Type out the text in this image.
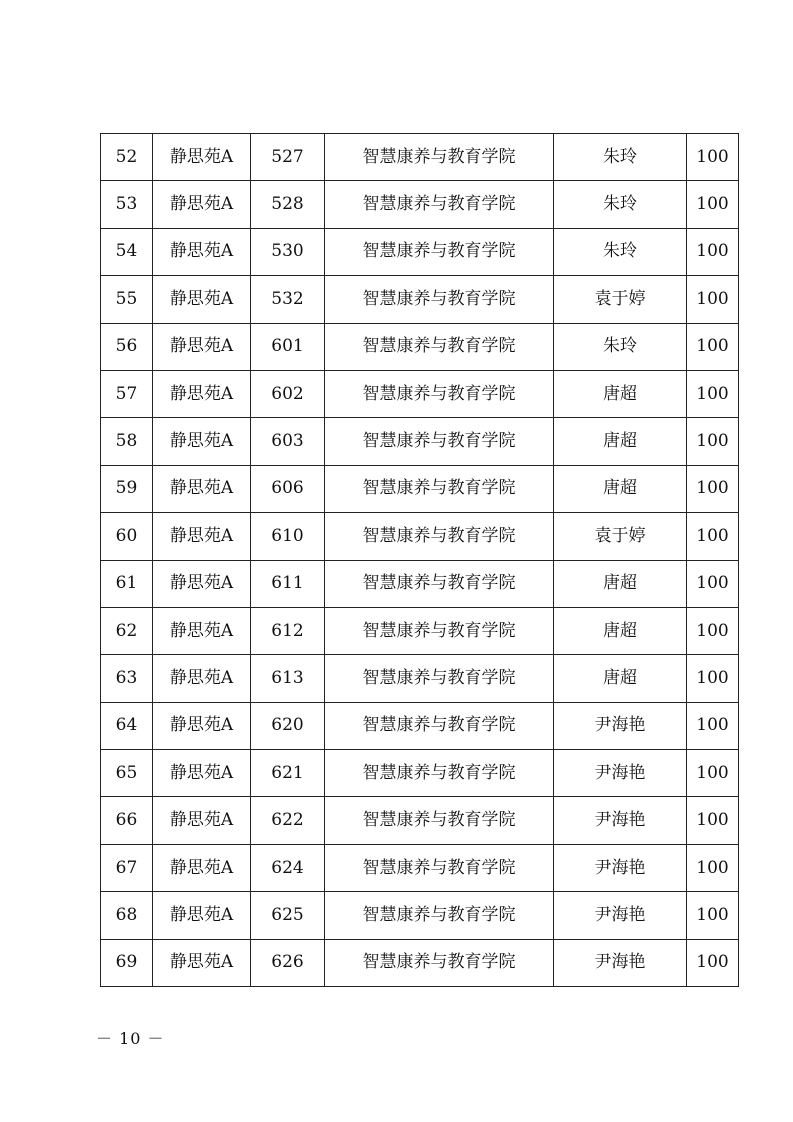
52	静思苑A	527	智慧康养与教育学院	朱玲	100
53	静思苑A	528	智慧康养与教育学院	朱玲	100
54	静思苑A	530	智慧康养与教育学院	朱玲	100
55	静思苑A	532	智慧康养与教育学院	袁于婷	100
56	静思苑A	601	智慧康养与教育学院	朱玲	100
57	静思苑A	602	智慧康养与教育学院	唐超	100
58	静思苑A	603	智慧康养与教育学院	唐超	100
59	静思苑A	606	智慧康养与教育学院	唐超	100
60	静思苑A	610	智慧康养与教育学院	袁于婷	100
61	静思苑A	611	智慧康养与教育学院	唐超	100
62	静思苑A	612	智慧康养与教育学院	唐超	100
63	静思苑A	613	智慧康养与教育学院	唐超	100
64	静思苑A	620	智慧康养与教育学院	尹海艳	100
65	静思苑A	621	智慧康养与教育学院	尹海艳	100
66	静思苑A	622	智慧康养与教育学院	尹海艳	100
67	静思苑A	624	智慧康养与教育学院	尹海艳	100
68	静思苑A	625	智慧康养与教育学院	尹海艳	100
69	静思苑A	626	智慧康养与教育学院	尹海艳	100
－ 10 －
